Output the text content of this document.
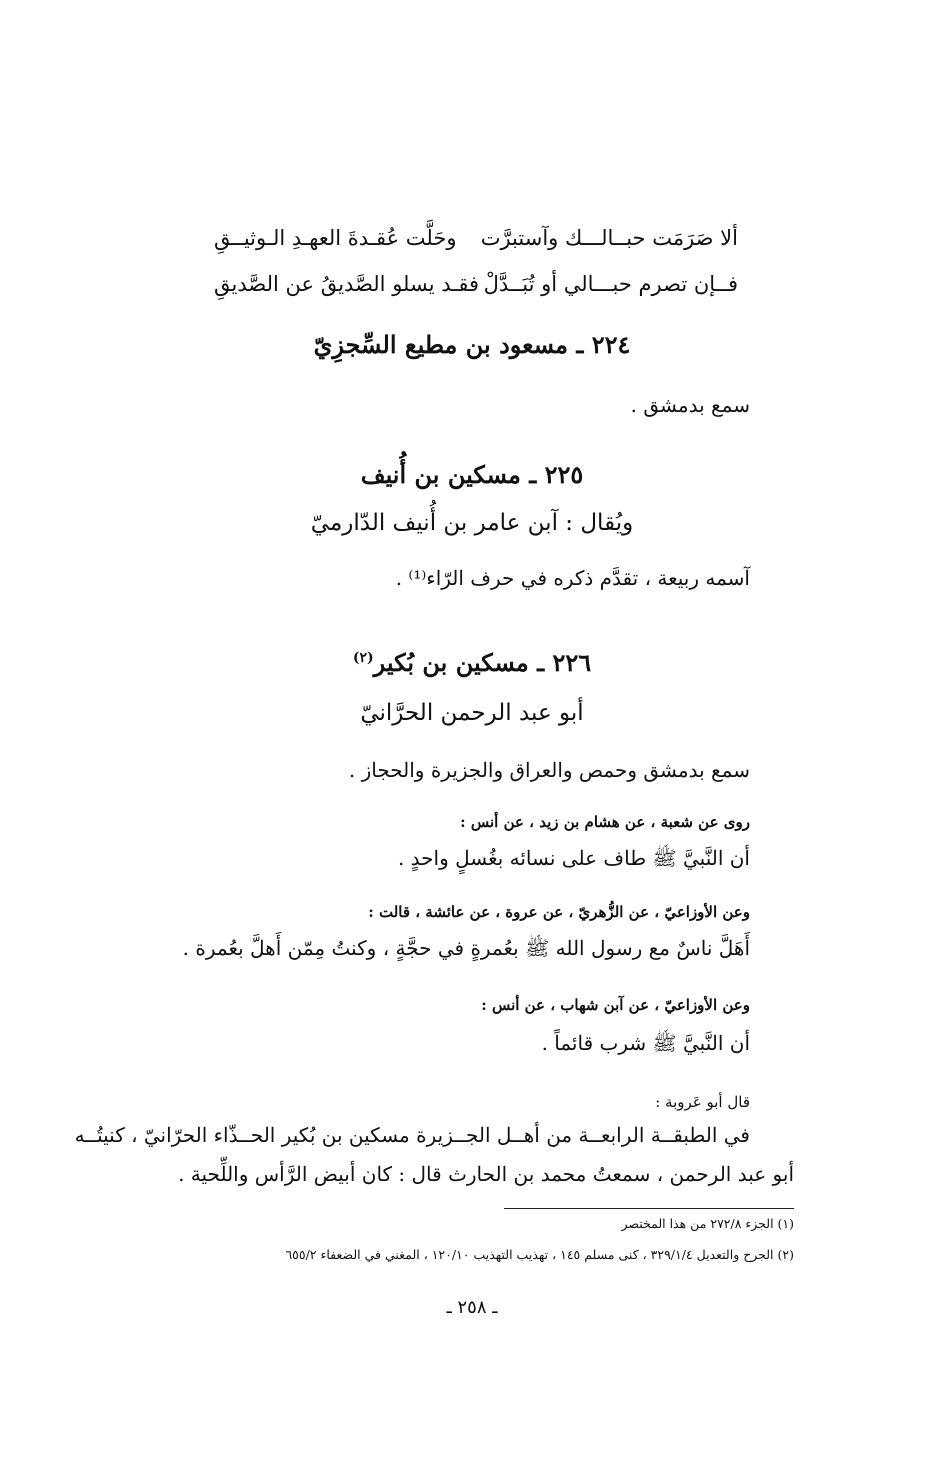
ألا صَرَمَت حبــالـــك وآستبرَّت
وحَلَّت عُقـدةَ العهـدِ الـوثيــقِ
فــإن تصرم حبـــالي أو تُبَــدَّلْ
فقـد يسلو الصَّديقُ عن الصَّديقِ
٢٢٤ ـ مسعود بن مطيع السِّجزِيّ
سمع بدمشق .
٢٢٥ ـ مسكين بن أُنيف
ويُقال : آبن عامر بن أُنيف الدّارميّ
آسمه ربيعة ، تقدَّم ذكره في حرف الرّاء⁽¹⁾ .
٢٢٦ ـ مسكين بن بُكير$^{(٢)}$
أبو عبد الرحمن الحرَّانيّ
سمع بدمشق وحمص والعراق والجزيرة والحجاز .
روى عن شعبة ، عن هشام بن زيد ، عن أنس :
أن النَّبيَّ ﷺ طاف على نسائه بغُسلٍ واحدٍ .
وعن الأوزاعيّ ، عن الزُّهريّ ، عن عروة ، عن عائشة ، قالت :
أَهَلَّ ناسٌ مع رسول الله ﷺ بعُمرةٍ في حجَّةٍ ، وكنتُ مِمّن أَهلَّ بعُمرة .
وعن الأوزاعيّ ، عن آبن شهاب ، عن أنس :
أن النَّبيَّ ﷺ شرب قائماً .
قال أبو عَروبة :
في الطبقــة الرابعــة من أهــل الجــزيرة مسكين بن بُكير الحــذّاء الحرّانيّ ، كنيتُــه
أبو عبد الرحمن ، سمعتُ محمد بن الحارث قال : كان أبيض الرَّأس واللِّحية .
(١) الجزء ٢٧٢/٨ من هذا المختصر
(٢) الجرح والتعديل ٣٢٩/١/٤ ، كنى مسلم ١٤٥ ، تهذيب التهذيب ١٢٠/١٠ ، المغني في الضعفاء ٦٥٥/٢
ـ ٢٥٨ ـ
